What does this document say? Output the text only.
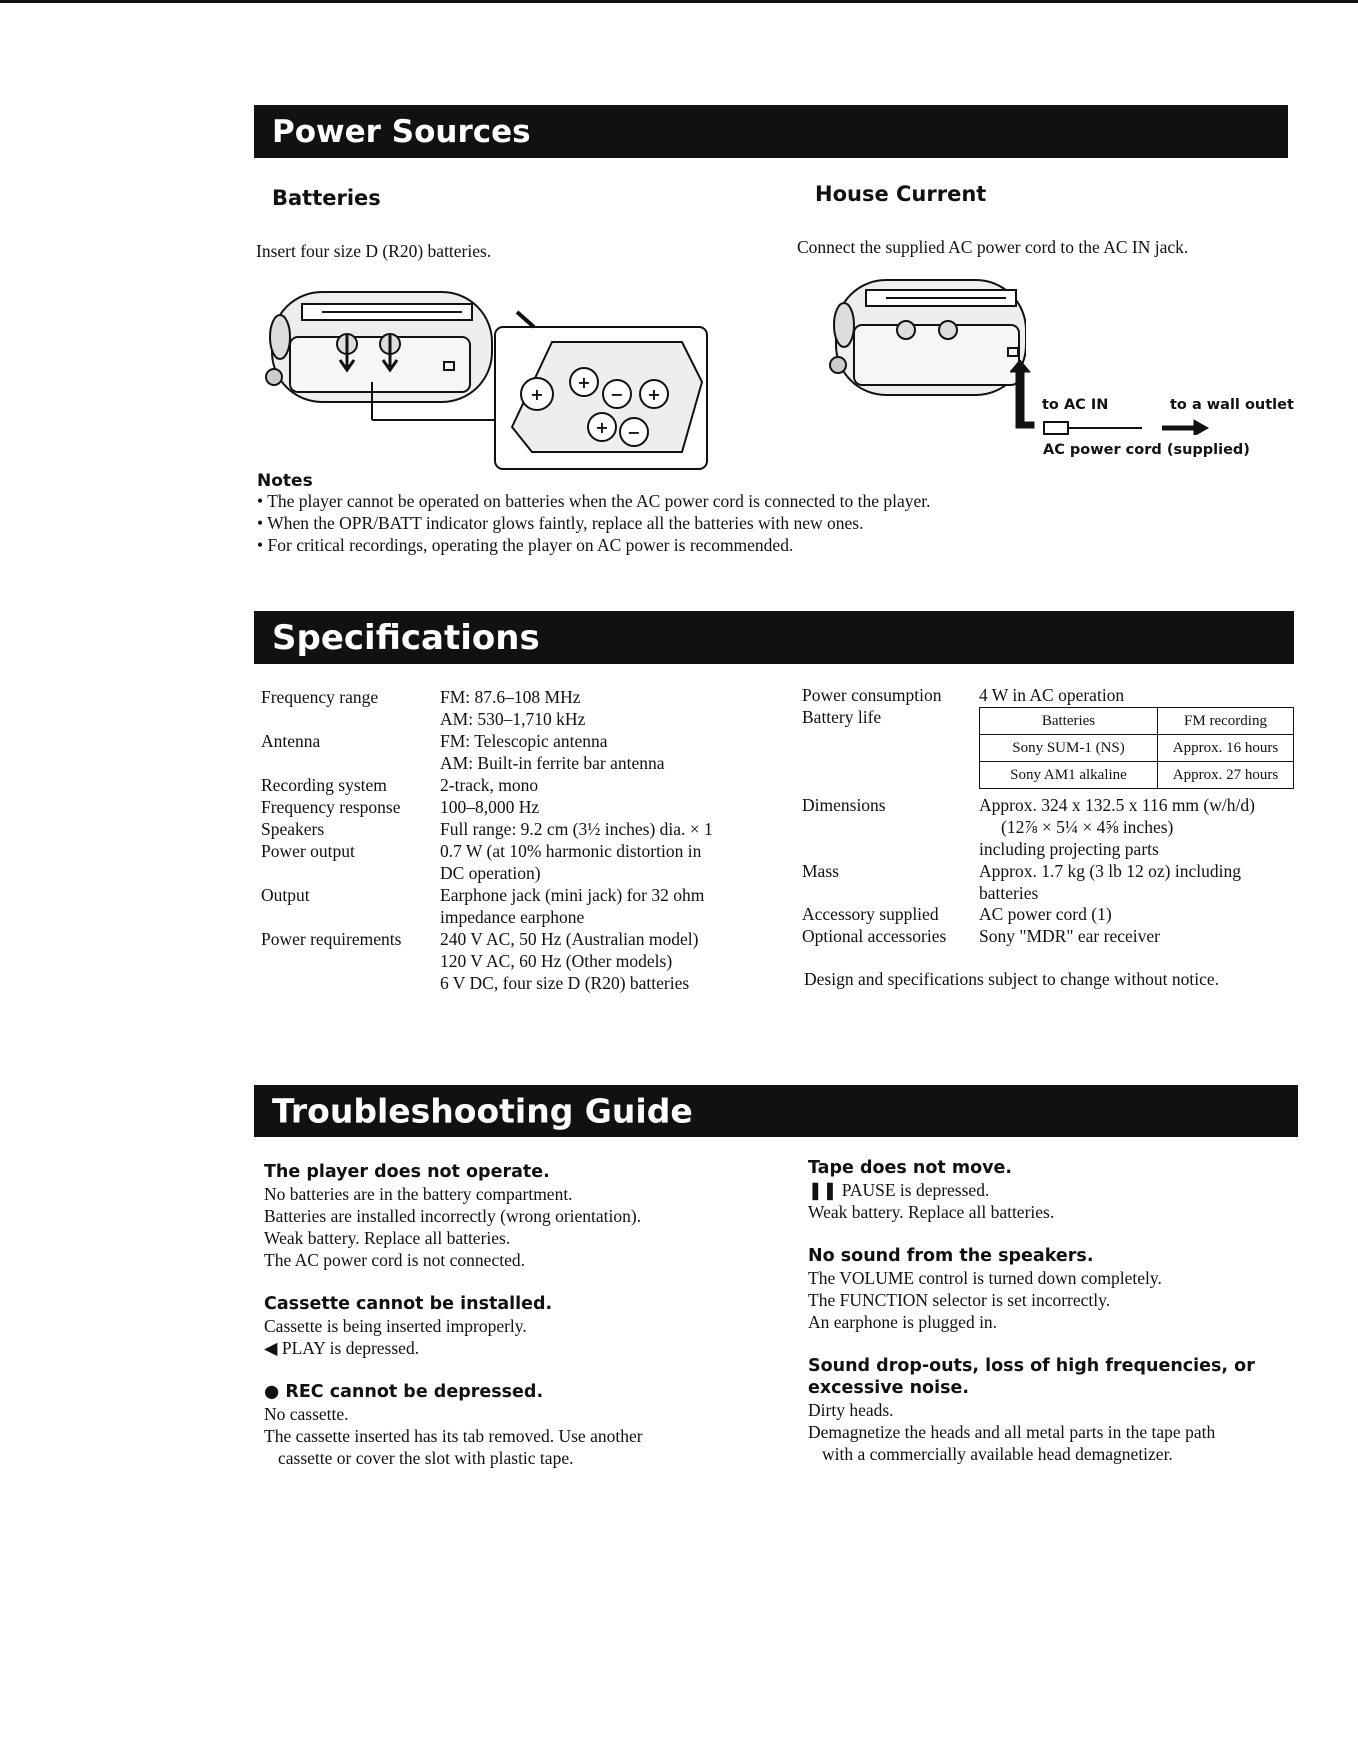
Power Sources
Batteries
Insert four size D (R20) batteries.
House Current
Connect the supplied AC power cord to the AC IN jack.
+
+
− +
+ −
to AC IN	to a wall outlet
AC power cord (supplied)
Notes
• The player cannot be operated on batteries when the AC power cord is connected to the player.
• When the OPR/BATT indicator glows faintly, replace all the batteries with new ones.
• For critical recordings, operating the player on AC power is recommended.
Specifications
Frequency range	FM: 87.6–108 MHz
AM: 530–1,710 kHz
Antenna	FM: Telescopic antenna
AM: Built-in ferrite bar antenna
Recording system	2-track, mono
Frequency response 100–8,000 Hz
Speakers	Full range: 9.2 cm (3½ inches) dia. × 1
Power output	0.7 W (at 10% harmonic distortion in
DC operation)
Output	Earphone jack (mini jack) for 32 ohm
impedance earphone
Power requirements 240 V AC, 50 Hz (Australian model)
120 V AC, 60 Hz (Other models)
6 V DC, four size D (R20) batteries
Power consumption 4 W in AC operation
Battery life	Batteries	FM recording
Sony SUM-1 (NS)	Approx. 16 hours
Sony AM1 alkaline	Approx. 27 hours
Dimensions	Approx. 324 x 132.5 x 116 mm (w/h/d)
(12⅞ × 5¼ × 4⅝ inches)
including projecting parts
Mass	Approx. 1.7 kg (3 lb 12 oz) including
batteries
Accessory supplied AC power cord (1)
Optional accessories Sony "MDR" ear receiver
Design and specifications subject to change without notice.
Troubleshooting Guide
The player does not operate.
No batteries are in the battery compartment.
Batteries are installed incorrectly (wrong orientation).
Weak battery. Replace all batteries.
The AC power cord is not connected.
Cassette cannot be installed.
Cassette is being inserted improperly.
◀ PLAY is depressed.
● REC cannot be depressed.
No cassette.
The cassette inserted has its tab removed. Use another
cassette or cover the slot with plastic tape.
Tape does not move.
❚❚ PAUSE is depressed.
Weak battery. Replace all batteries.
No sound from the speakers.
The VOLUME control is turned down completely.
The FUNCTION selector is set incorrectly.
An earphone is plugged in.
Sound drop-outs, loss of high frequencies, or
excessive noise.
Dirty heads.
Demagnetize the heads and all metal parts in the tape path
with a commercially available head demagnetizer.
